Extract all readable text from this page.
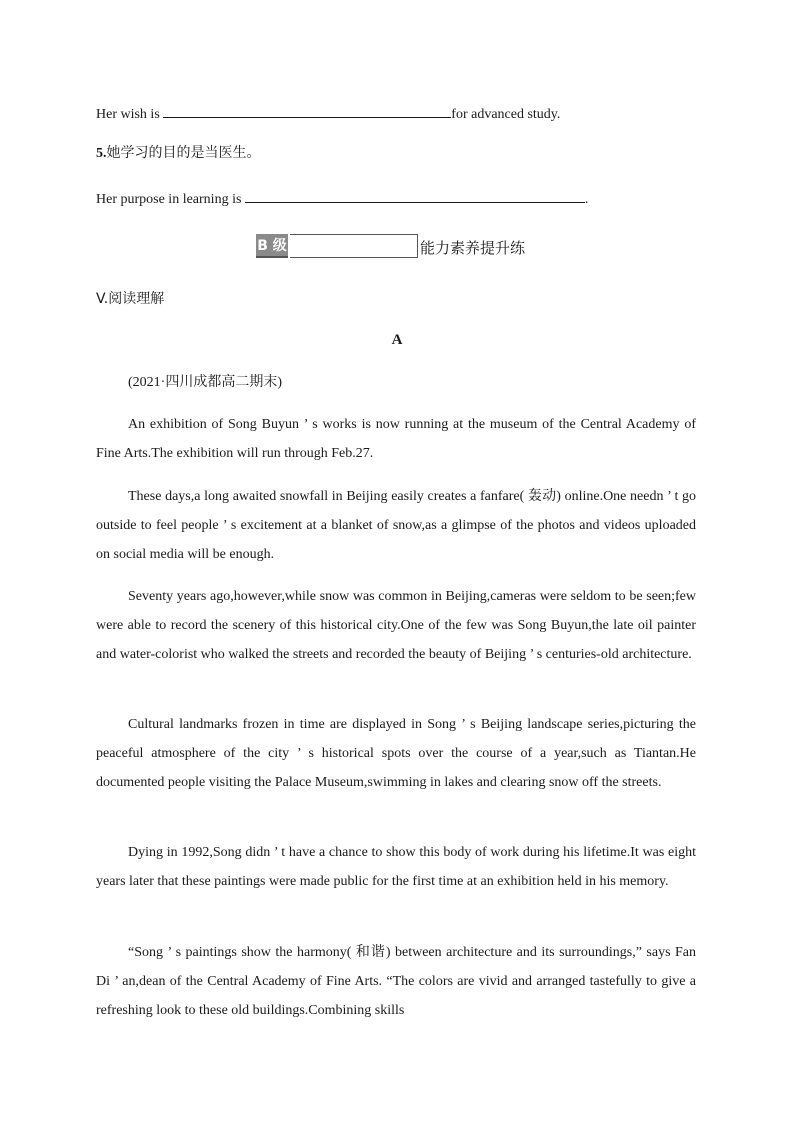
Her wish is	for advanced study.
5.她学习的目的是当医生。
Her purpose in learning is	.
B 级	能力素养提升练
V.阅读理解
A
(2021·四川成都高二期末)
An exhibition of Song Buyun ’ s works is now running at the museum of the Central Academy of Fine Arts.The exhibition will run through Feb.27.
These days,a long awaited snowfall in Beijing easily creates a fanfare( 轰动) online.One needn ’ t go outside to feel people ’ s excitement at a blanket of snow,as a glimpse of the photos and videos uploaded on social media will be enough.
Seventy years ago,however,while snow was common in Beijing,cameras were seldom to be seen;few were able to record the scenery of this historical city.One of the few was Song Buyun,the late oil painter and water-colorist who walked the streets and recorded the beauty of Beijing ’ s centuries-old architecture.
Cultural landmarks frozen in time are displayed in Song ’ s Beijing landscape series,picturing the peaceful atmosphere of the city ’ s historical spots over the course of a year,such as Tiantan.He documented people visiting the Palace Museum,swimming in lakes and clearing snow off the streets.
Dying in 1992,Song didn ’ t have a chance to show this body of work during his lifetime.It was eight years later that these paintings were made public for the first time at an exhibition held in his memory.
“Song ’ s paintings show the harmony( 和谐) between architecture and its surroundings,” says Fan Di ’ an,dean of the Central Academy of Fine Arts. “The colors are vivid and arranged tastefully to give a refreshing look to these old buildings.Combining skills
